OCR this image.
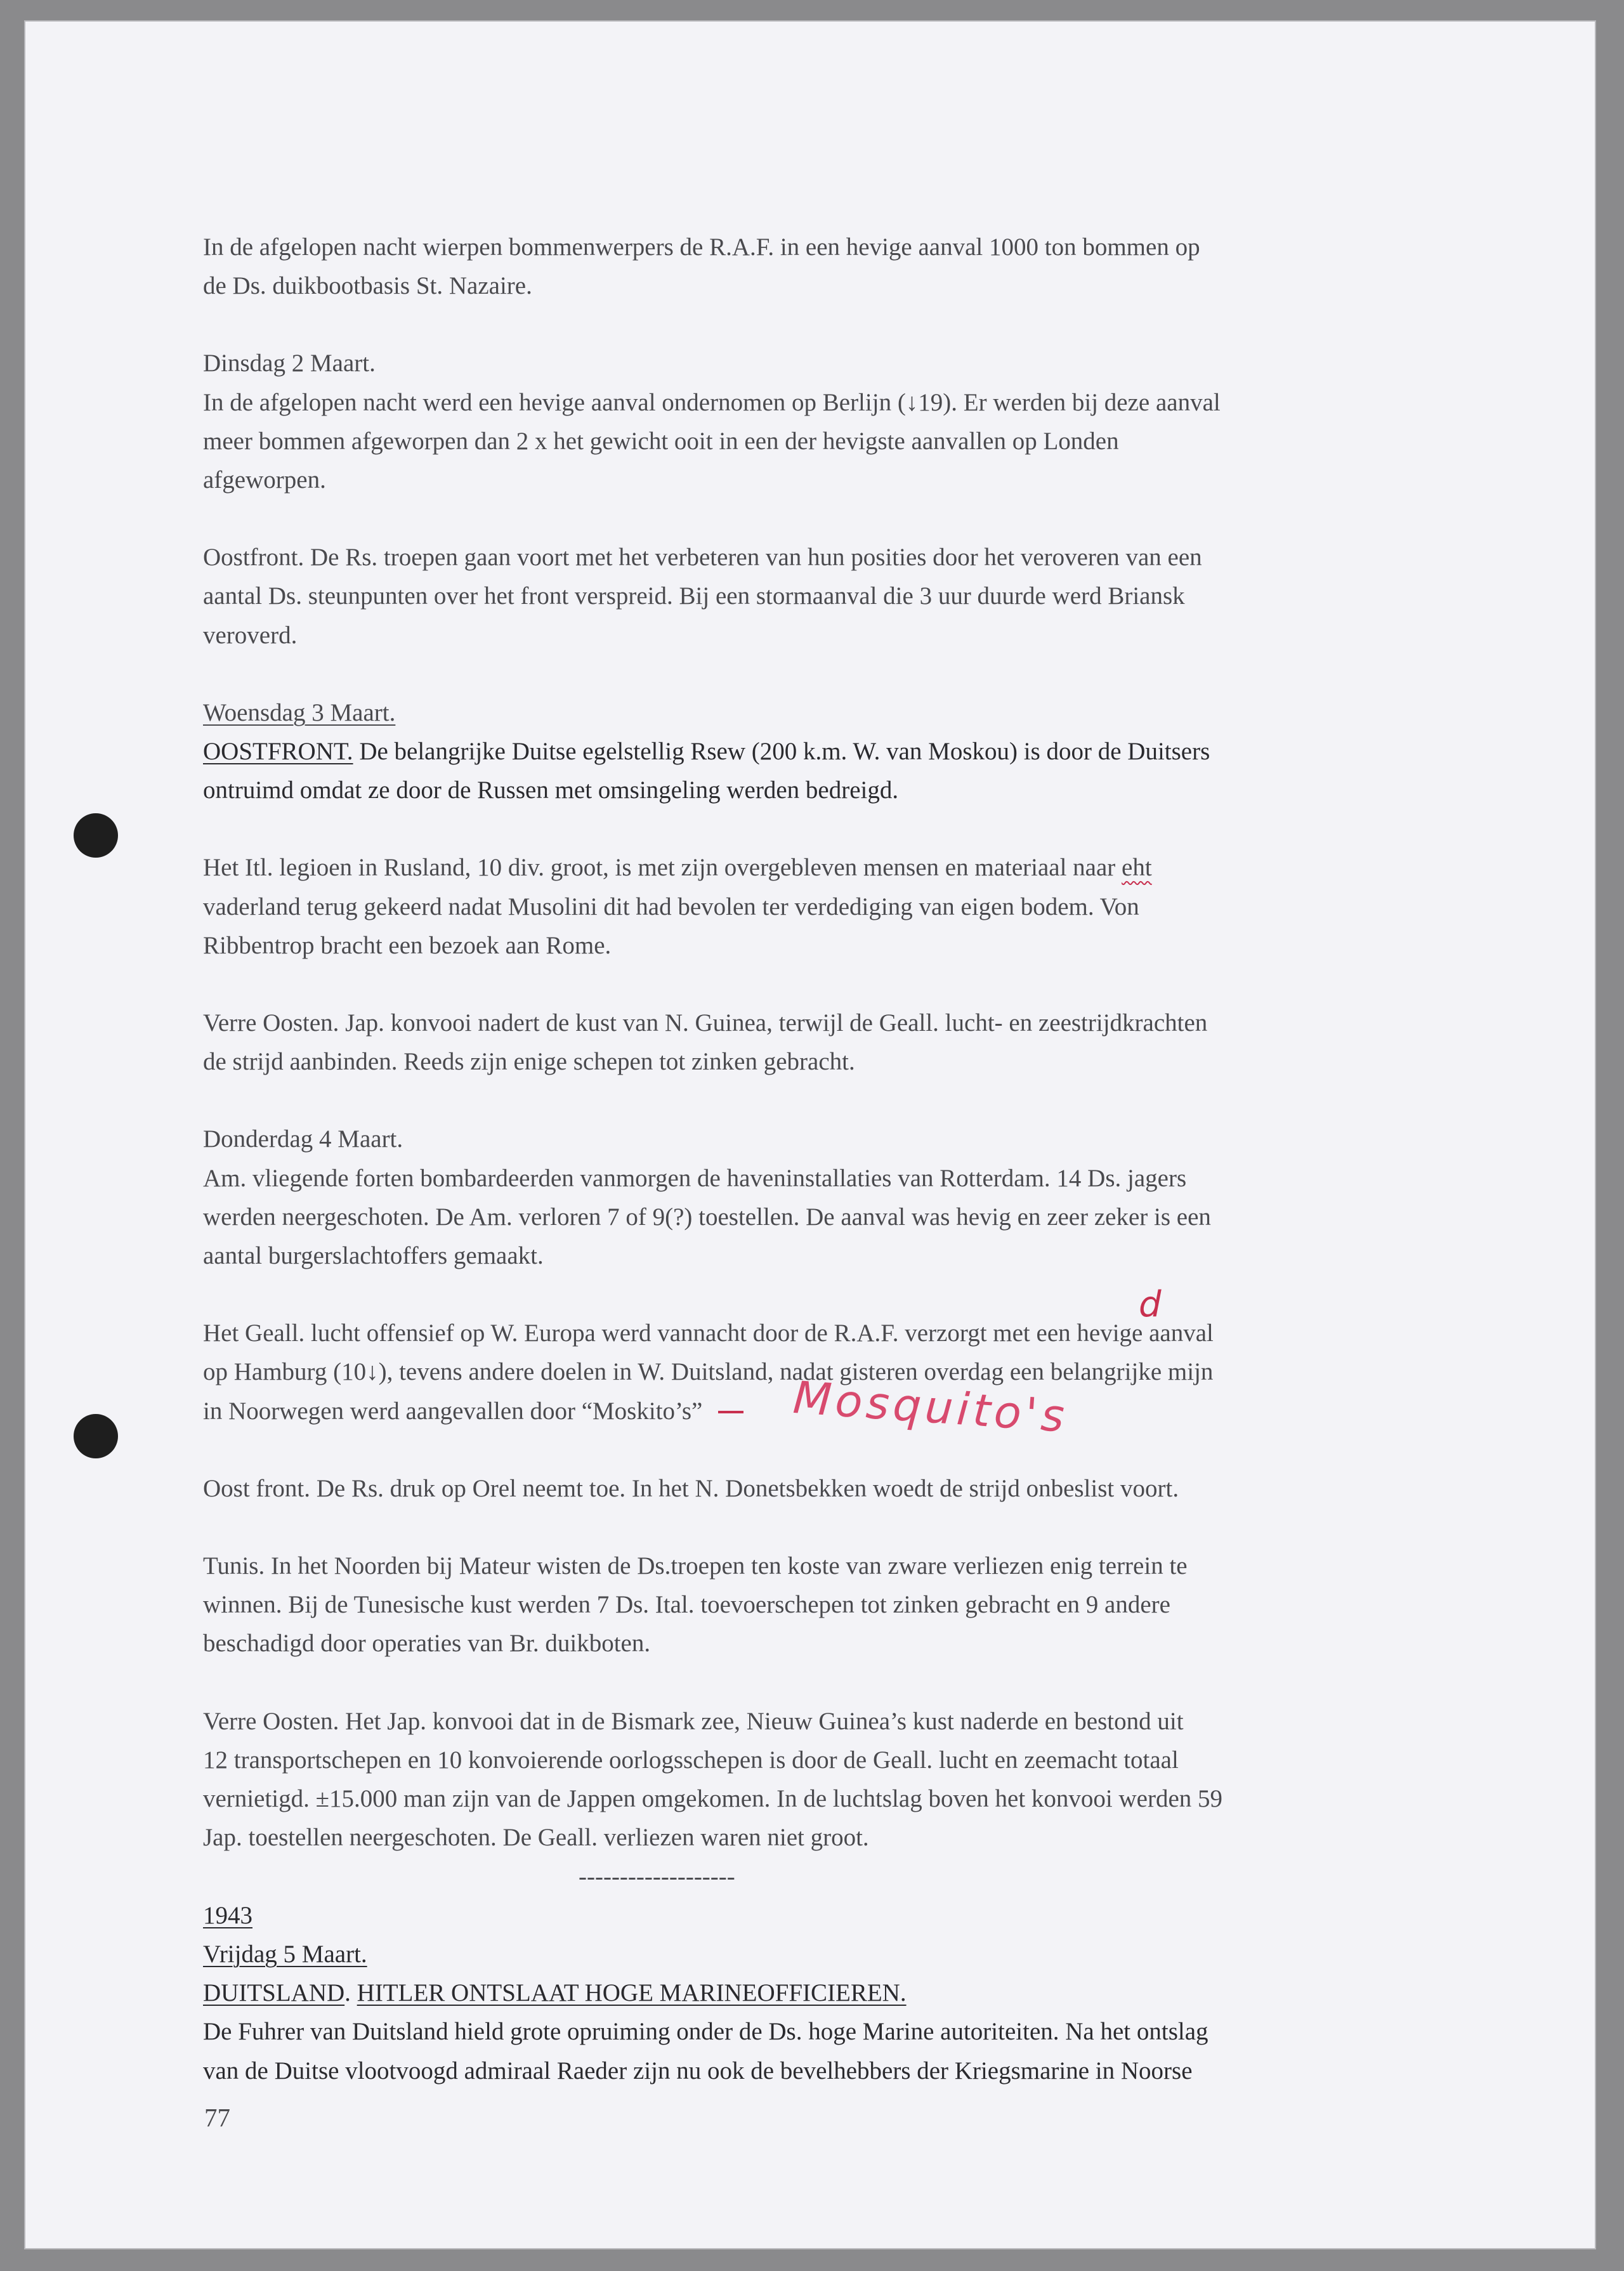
In de afgelopen nacht wierpen bommenwerpers de R.A.F. in een hevige aanval 1000 ton bommen op

de Ds. duikbootbasis St. Nazaire.

Dinsdag 2 Maart.

In de afgelopen nacht werd een hevige aanval ondernomen op Berlijn (↓19). Er werden bij deze aanval

meer bommen afgeworpen dan 2 x het gewicht ooit in een der hevigste aanvallen op Londen

afgeworpen.

Oostfront. De Rs. troepen gaan voort met het verbeteren van hun posities door het veroveren van een

aantal Ds. steunpunten over het front verspreid. Bij een stormaanval die 3 uur duurde werd Briansk

veroverd.

Woensdag 3 Maart.

OOSTFRONT. De belangrijke Duitse egelstellig Rsew (200 k.m. W. van Moskou) is door de Duitsers

ontruimd omdat ze door de Russen met omsingeling werden bedreigd.

Het Itl. legioen in Rusland, 10 div. groot, is met zijn overgebleven mensen en materiaal naar eht

vaderland terug gekeerd nadat Musolini dit had bevolen ter verdediging van eigen bodem. Von

Ribbentrop bracht een bezoek aan Rome.

Verre Oosten. Jap. konvooi nadert de kust van N. Guinea, terwijl de Geall. lucht- en zeestrijdkrachten

de strijd aanbinden. Reeds zijn enige schepen tot zinken gebracht.

Donderdag 4 Maart.

Am. vliegende forten bombardeerden vanmorgen de haveninstallaties van Rotterdam. 14 Ds. jagers

werden neergeschoten. De Am. verloren 7 of 9(?) toestellen. De aanval was hevig en zeer zeker is een

aantal burgerslachtoffers gemaakt.

Het Geall. lucht offensief op W. Europa werd vannacht door de R.A.F. verzorgt met een hevige aanval

op Hamburg (10↓), tevens andere doelen in W. Duitsland, nadat gisteren overdag een belangrijke mijn

in Noorwegen werd aangevallen door “Moskito’s”

Oost front. De Rs. druk op Orel neemt toe. In het N. Donetsbekken woedt de strijd onbeslist voort.

Tunis. In het Noorden bij Mateur wisten de Ds.troepen ten koste van zware verliezen enig terrein te

winnen. Bij de Tunesische kust werden 7 Ds. Ital. toevoerschepen tot zinken gebracht en 9 andere

beschadigd door operaties van Br. duikboten.

Verre Oosten. Het Jap. konvooi dat in de Bismark zee, Nieuw Guinea’s kust naderde en bestond uit

12 transportschepen en 10 konvoierende oorlogsschepen is door de Geall. lucht en zeemacht totaal

vernietigd. ±15.000 man zijn van de Jappen omgekomen. In de luchtslag boven het konvooi werden 59

Jap. toestellen neergeschoten. De Geall. verliezen waren niet groot.

-------------------

1943

Vrijdag 5 Maart.

DUITSLAND. HITLER ONTSLAAT HOGE MARINEOFFICIEREN.

De Fuhrer van Duitsland hield grote opruiming onder de Ds. hoge Marine autoriteiten. Na het ontslag

van de Duitse vlootvoogd admiraal Raeder zijn nu ook de bevelhebbers der Kriegsmarine in Noorse

d
Mosquito's
77
